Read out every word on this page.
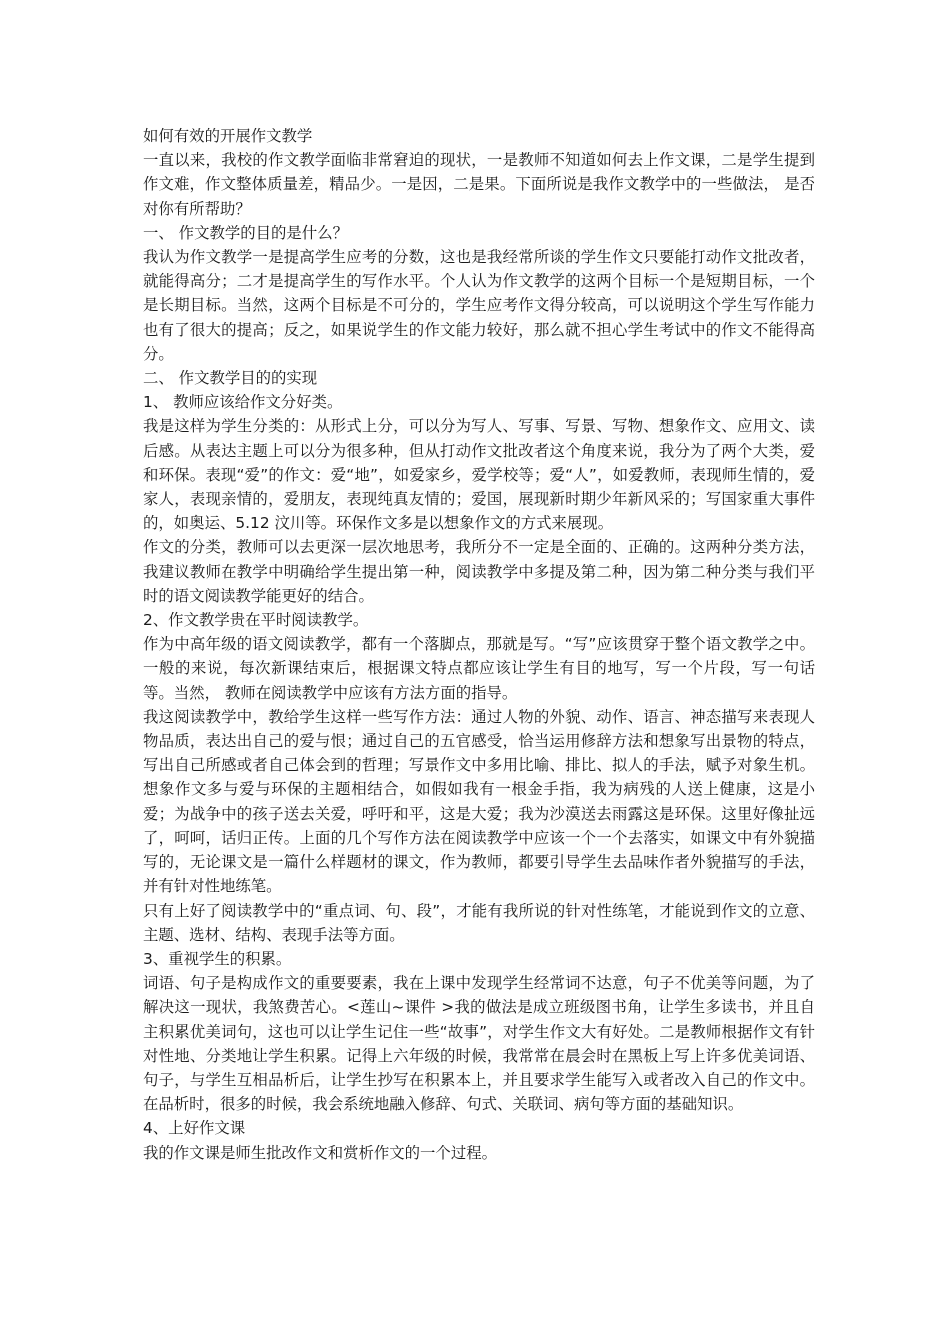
如何有效的开展作文教学

一直以来，我校的作文教学面临非常窘迫的现状，一是教师不知道如何去上作文课，二是学生提到作文难，作文整体质量差，精品少。一是因，二是果。下面所说是我作文教学中的一些做法， 是否对你有所帮助？

一、 作文教学的目的是什么？

我认为作文教学一是提高学生应考的分数，这也是我经常所谈的学生作文只要能打动作文批改者，就能得高分；二才是提高学生的写作水平。个人认为作文教学的这两个目标一个是短期目标，一个是长期目标。当然，这两个目标是不可分的，学生应考作文得分较高，可以说明这个学生写作能力也有了很大的提高；反之，如果说学生的作文能力较好，那么就不担心学生考试中的作文不能得高分。

二、 作文教学目的的实现

1、 教师应该给作文分好类。

我是这样为学生分类的：从形式上分，可以分为写人、写事、写景、写物、想象作文、应用文、读后感。从表达主题上可以分为很多种，但从打动作文批改者这个角度来说，我分为了两个大类，爱和环保。表现“爱”的作文：爱“地”，如爱家乡，爱学校等；爱“人”，如爱教师，表现师生情的，爱家人，表现亲情的，爱朋友，表现纯真友情的；爱国，展现新时期少年新风采的；写国家重大事件的，如奥运、5.12 汶川等。环保作文多是以想象作文的方式来展现。

作文的分类，教师可以去更深一层次地思考，我所分不一定是全面的、正确的。这两种分类方法，我建议教师在教学中明确给学生提出第一种，阅读教学中多提及第二种，因为第二种分类与我们平时的语文阅读教学能更好的结合。

2、作文教学贵在平时阅读教学。

作为中高年级的语文阅读教学，都有一个落脚点，那就是写。“写”应该贯穿于整个语文教学之中。一般的来说，每次新课结束后，根据课文特点都应该让学生有目的地写，写一个片段，写一句话等。当然， 教师在阅读教学中应该有方法方面的指导。

我这阅读教学中，教给学生这样一些写作方法：通过人物的外貌、动作、语言、神态描写来表现人物品质，表达出自己的爱与恨；通过自己的五官感受，恰当运用修辞方法和想象写出景物的特点，写出自己所感或者自己体会到的哲理；写景作文中多用比喻、排比、拟人的手法，赋予对象生机。想象作文多与爱与环保的主题相结合，如假如我有一根金手指，我为病残的人送上健康，这是小爱；为战争中的孩子送去关爱，呼吁和平，这是大爱；我为沙漠送去雨露这是环保。这里好像扯远了，呵呵，话归正传。上面的几个写作方法在阅读教学中应该一个一个去落实，如课文中有外貌描写的，无论课文是一篇什么样题材的课文，作为教师，都要引导学生去品味作者外貌描写的手法，并有针对性地练笔。

只有上好了阅读教学中的“重点词、句、段”，才能有我所说的针对性练笔，才能说到作文的立意、主题、选材、结构、表现手法等方面。

3、重视学生的积累。

词语、句子是构成作文的重要要素，我在上课中发现学生经常词不达意，句子不优美等问题，为了解决这一现状，我煞费苦心。<莲山~课件 >我的做法是成立班级图书角，让学生多读书，并且自主积累优美词句，这也可以让学生记住一些“故事”，对学生作文大有好处。二是教师根据作文有针对性地、分类地让学生积累。记得上六年级的时候，我常常在晨会时在黑板上写上许多优美词语、句子，与学生互相品析后，让学生抄写在积累本上，并且要求学生能写入或者改入自己的作文中。在品析时，很多的时候，我会系统地融入修辞、句式、关联词、病句等方面的基础知识。

4、上好作文课

我的作文课是师生批改作文和赏析作文的一个过程。
